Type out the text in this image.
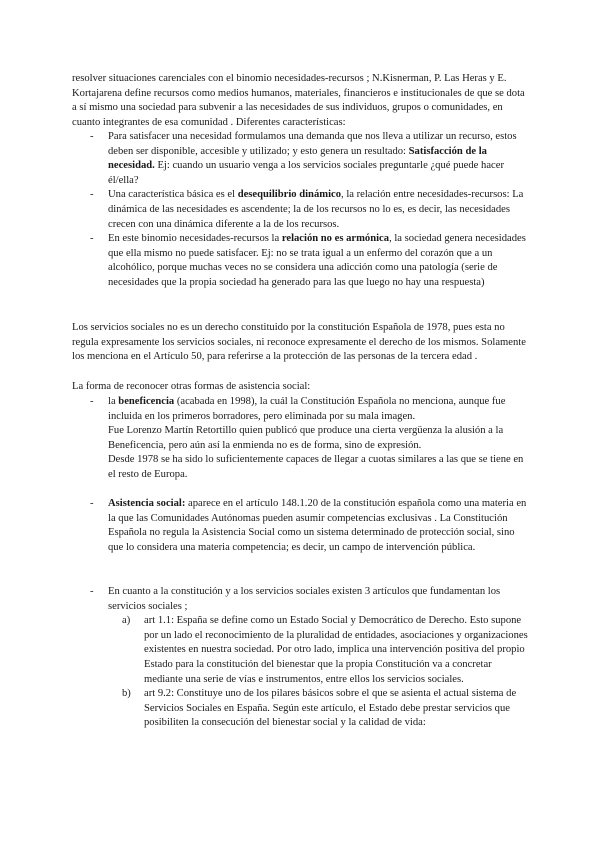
resolver situaciones carenciales con el binomio necesidades-recursos ; N.Kisnerman, P. Las Heras y E. Kortajarena define recursos como medios humanos, materiales, financieros e institucionales de que se dota a sí mismo una sociedad para subvenir a las necesidades de sus individuos, grupos o comunidades, en cuanto integrantes de esa comunidad . Diferentes características:

- Para satisfacer una necesidad formulamos una demanda que nos lleva a utilizar un recurso, estos deben ser disponible, accesible y utilizado; y esto genera un resultado: Satisfacción de la necesidad. Ej: cuando un usuario venga a los servicios sociales preguntarle ¿qué puede hacer él/ella?
- Una característica básica es el desequilibrio dinámico, la relación entre necesidades-recursos: La dinámica de las necesidades es ascendente; la de los recursos no lo es, es decir, las necesidades crecen con una dinámica diferente a la de los recursos.
- En este binomio necesidades-recursos la relación no es armónica, la sociedad genera necesidades que ella mismo no puede satisfacer. Ej: no se trata igual a un enfermo del corazón que a un alcohólico, porque muchas veces no se considera una adicción como una patología (serie de necesidades que la propia sociedad ha generado para las que luego no hay una respuesta)

Los servicios sociales no es un derecho constituido por la constitución Española de 1978, pues esta no regula expresamente los servicios sociales, ni reconoce expresamente el derecho de los mismos. Solamente los menciona en el Artículo 50, para referirse a la protección de las personas de la tercera edad .

La forma de reconocer otras formas de asistencia social:

- la beneficencia (acabada en 1998), la cuál la Constitución Española no menciona, aunque fue incluida en los primeros borradores, pero eliminada por su mala imagen.

Fue Lorenzo Martín Retortillo quien publicó que produce una cierta vergüenza la alusión a la Beneficencia, pero aún así la enmienda no es de forma, sino de expresión.

Desde 1978 se ha sido lo suficientemente capaces de llegar a cuotas similares a las que se tiene en el resto de Europa.

- Asistencia social: aparece en el artículo 148.1.20 de la constitución española como una materia en la que las Comunidades Autónomas pueden asumir competencias exclusivas . La Constitución Española no regula la Asistencia Social como un sistema determinado de protección social, sino que lo considera una materia competencia; es decir, un campo de intervención pública.
- En cuanto a la constitución y a los servicios sociales existen 3 artículos que fundamentan los servicios sociales ;
a) art 1.1: España se define como un Estado Social y Democrático de Derecho. Esto supone por un lado el reconocimiento de la pluralidad de entidades, asociaciones y organizaciones existentes en nuestra sociedad. Por otro lado, implica una intervención positiva del propio Estado para la constitución del bienestar que la propia Constitución va a concretar mediante una serie de vías e instrumentos, entre ellos los servicios sociales.
b) art 9.2: Constituye uno de los pilares básicos sobre el que se asienta el actual sistema de Servicios Sociales en España. Según este artículo, el Estado debe prestar servicios que posibiliten la consecución del bienestar social y la calidad de vida:
